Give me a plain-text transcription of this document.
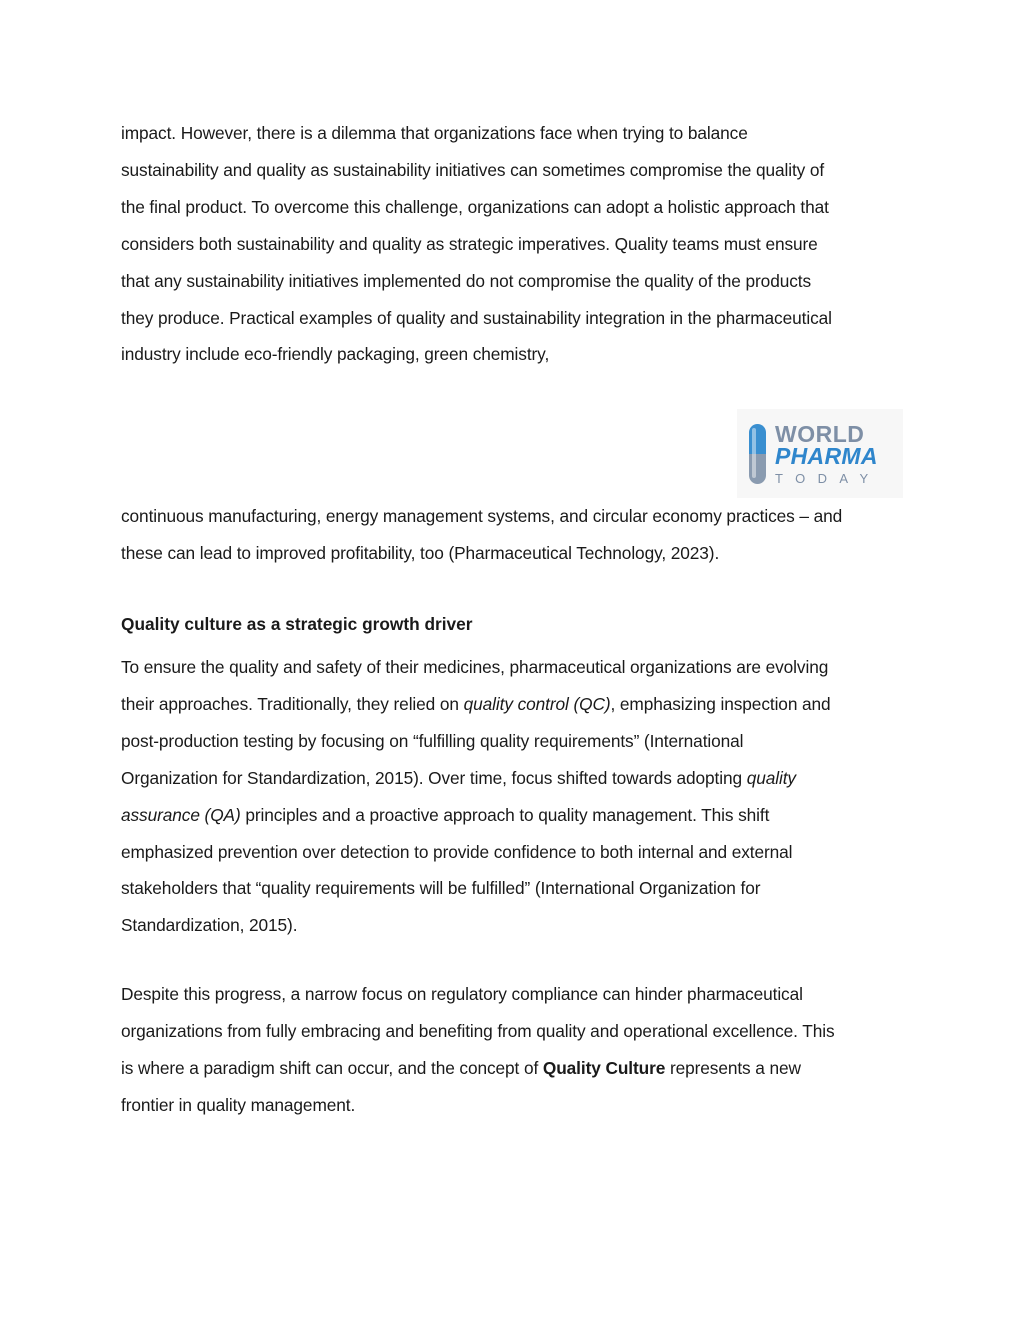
impact. However, there is a dilemma that organizations face when trying to balance
sustainability and quality as sustainability initiatives can sometimes compromise the quality of
the final product. To overcome this challenge, organizations can adopt a holistic approach that
considers both sustainability and quality as strategic imperatives. Quality teams must ensure
that any sustainability initiatives implemented do not compromise the quality of the products
they produce. Practical examples of quality and sustainability integration in the pharmaceutical
industry include eco-friendly packaging, green chemistry,

WORLD
PHARMA
TODAY

continuous manufacturing, energy management systems, and circular economy practices – and
these can lead to improved profitability, too (Pharmaceutical Technology, 2023).

Quality culture as a strategic growth driver

To ensure the quality and safety of their medicines, pharmaceutical organizations are evolving
their approaches. Traditionally, they relied on quality control (QC), emphasizing inspection and
post-production testing by focusing on “fulfilling quality requirements” (International
Organization for Standardization, 2015). Over time, focus shifted towards adopting quality
assurance (QA) principles and a proactive approach to quality management. This shift
emphasized prevention over detection to provide confidence to both internal and external
stakeholders that “quality requirements will be fulfilled” (International Organization for
Standardization, 2015).

Despite this progress, a narrow focus on regulatory compliance can hinder pharmaceutical
organizations from fully embracing and benefiting from quality and operational excellence. This
is where a paradigm shift can occur, and the concept of Quality Culture represents a new
frontier in quality management.
